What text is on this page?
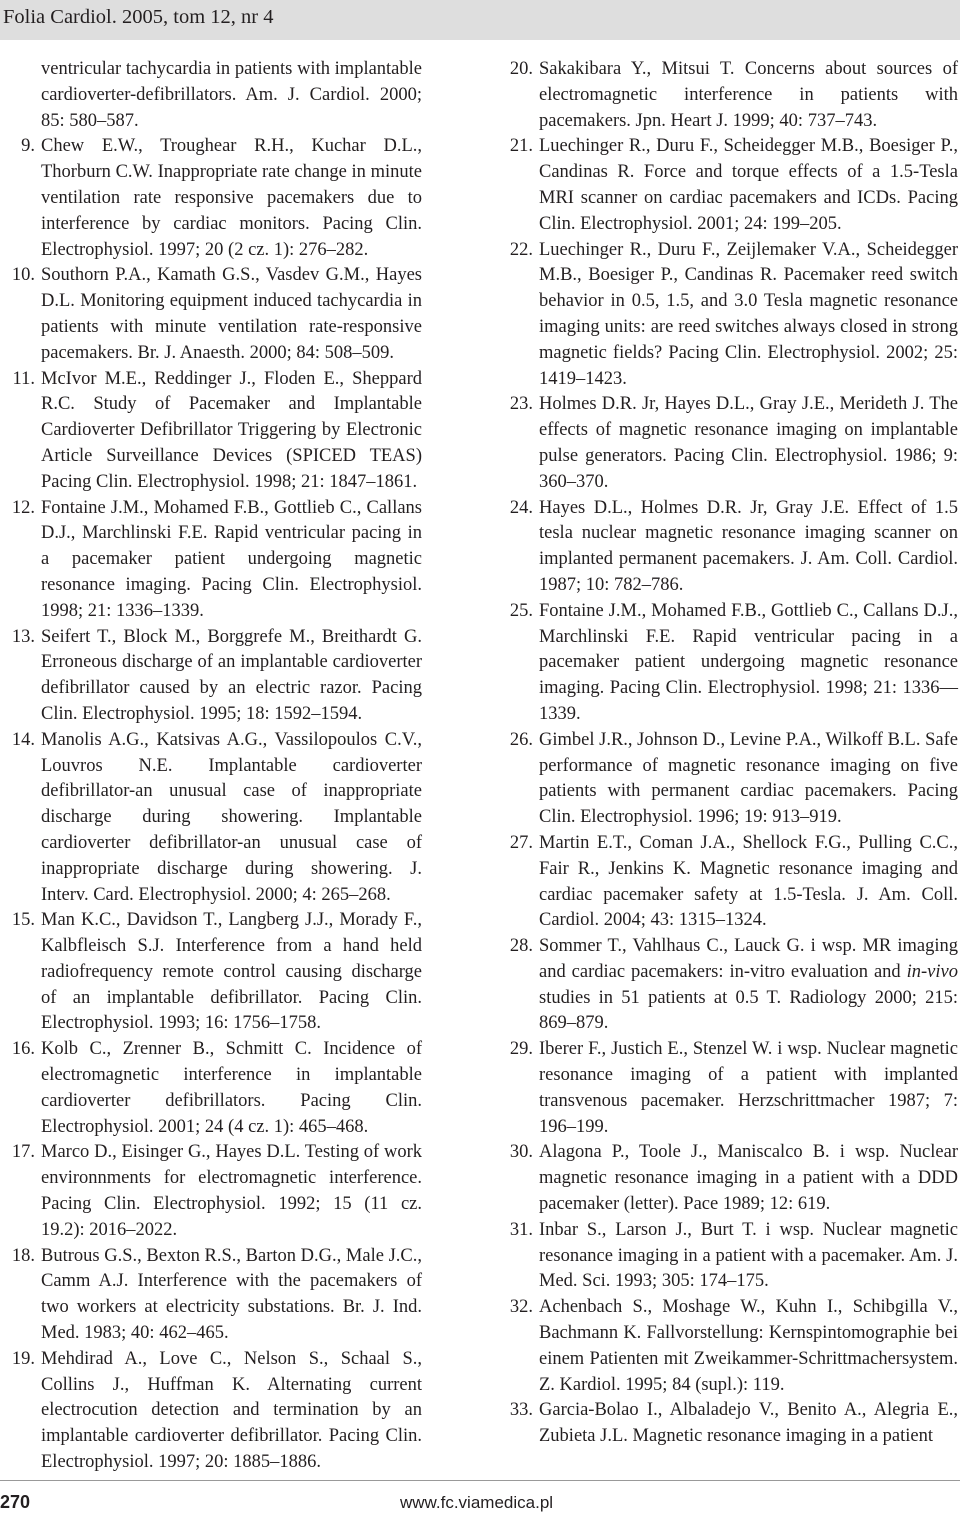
Folia Cardiol. 2005, tom 12, nr 4
ventricular tachycardia in patients with implantable cardioverter-defibrillators. Am. J. Cardiol. 2000; 85: 580–587.
9. Chew E.W., Troughear R.H., Kuchar D.L., Thorburn C.W. Inappropriate rate change in minute ventilation rate responsive pacemakers due to interference by cardiac monitors. Pacing Clin. Electrophysiol. 1997; 20 (2 cz. 1): 276–282.
10. Southorn P.A., Kamath G.S., Vasdev G.M., Hayes D.L. Monitoring equipment induced tachycardia in patients with minute ventilation rate-responsive pacemakers. Br. J. Anaesth. 2000; 84: 508–509.
11. McIvor M.E., Reddinger J., Floden E., Sheppard R.C. Study of Pacemaker and Implantable Cardioverter Defibrillator Triggering by Electronic Article Surveillance Devices (SPICED TEAS) Pacing Clin. Electrophysiol. 1998; 21: 1847–1861.
12. Fontaine J.M., Mohamed F.B., Gottlieb C., Callans D.J., Marchlinski F.E. Rapid ventricular pacing in a pacemaker patient undergoing magnetic resonance imaging. Pacing Clin. Electrophysiol. 1998; 21: 1336–1339.
13. Seifert T., Block M., Borggrefe M., Breithardt G. Erroneous discharge of an implantable cardioverter defibrillator caused by an electric razor. Pacing Clin. Electrophysiol. 1995; 18: 1592–1594.
14. Manolis A.G., Katsivas A.G., Vassilopoulos C.V., Louvros N.E. Implantable cardioverter defibrillator-an unusual case of inappropriate discharge during showering. Implantable cardioverter defibrillator-an unusual case of inappropriate discharge during showering. J. Interv. Card. Electrophysiol. 2000; 4: 265–268.
15. Man K.C., Davidson T., Langberg J.J., Morady F., Kalbfleisch S.J. Interference from a hand held radiofrequency remote control causing discharge of an implantable defibrillator. Pacing Clin. Electrophysiol. 1993; 16: 1756–1758.
16. Kolb C., Zrenner B., Schmitt C. Incidence of electromagnetic interference in implantable cardioverter defibrillators. Pacing Clin. Electrophysiol. 2001; 24 (4 cz. 1): 465–468.
17. Marco D., Eisinger G., Hayes D.L. Testing of work environnments for electromagnetic interference. Pacing Clin. Electrophysiol. 1992; 15 (11 cz. 19.2): 2016–2022.
18. Butrous G.S., Bexton R.S., Barton D.G., Male J.C., Camm A.J. Interference with the pacemakers of two workers at electricity substations. Br. J. Ind. Med. 1983; 40: 462–465.
19. Mehdirad A., Love C., Nelson S., Schaal S., Collins J., Huffman K. Alternating current electrocution detection and termination by an implantable cardioverter defibrillator. Pacing Clin. Electrophysiol. 1997; 20: 1885–1886.
20. Sakakibara Y., Mitsui T. Concerns about sources of electromagnetic interference in patients with pacemakers. Jpn. Heart J. 1999; 40: 737–743.
21. Luechinger R., Duru F., Scheidegger M.B., Boesiger P., Candinas R. Force and torque effects of a 1.5-Tesla MRI scanner on cardiac pacemakers and ICDs. Pacing Clin. Electrophysiol. 2001; 24: 199–205.
22. Luechinger R., Duru F., Zeijlemaker V.A., Scheidegger M.B., Boesiger P., Candinas R. Pacemaker reed switch behavior in 0.5, 1.5, and 3.0 Tesla magnetic resonance imaging units: are reed switches always closed in strong magnetic fields? Pacing Clin. Electrophysiol. 2002; 25: 1419–1423.
23. Holmes D.R. Jr, Hayes D.L., Gray J.E., Merideth J. The effects of magnetic resonance imaging on implantable pulse generators. Pacing Clin. Electrophysiol. 1986; 9: 360–370.
24. Hayes D.L., Holmes D.R. Jr, Gray J.E. Effect of 1.5 tesla nuclear magnetic resonance imaging scanner on implanted permanent pacemakers. J. Am. Coll. Cardiol. 1987; 10: 782–786.
25. Fontaine J.M., Mohamed F.B., Gottlieb C., Callans D.J., Marchlinski F.E. Rapid ventricular pacing in a pacemaker patient undergoing magnetic resonance imaging. Pacing Clin. Electrophysiol. 1998; 21: 1336––1339.
26. Gimbel J.R., Johnson D., Levine P.A., Wilkoff B.L. Safe performance of magnetic resonance imaging on five patients with permanent cardiac pacemakers. Pacing Clin. Electrophysiol. 1996; 19: 913–919.
27. Martin E.T., Coman J.A., Shellock F.G., Pulling C.C., Fair R., Jenkins K. Magnetic resonance imaging and cardiac pacemaker safety at 1.5-Tesla. J. Am. Coll. Cardiol. 2004; 43: 1315–1324.
28. Sommer T., Vahlhaus C., Lauck G. i wsp. MR imaging and cardiac pacemakers: in-vitro evaluation and in-vivo studies in 51 patients at 0.5 T. Radiology 2000; 215: 869–879.
29. Iberer F., Justich E., Stenzel W. i wsp. Nuclear magnetic resonance imaging of a patient with implanted transvenous pacemaker. Herzschrittmacher 1987; 7: 196–199.
30. Alagona P., Toole J., Maniscalco B. i wsp. Nuclear magnetic resonance imaging in a patient with a DDD pacemaker (letter). Pace 1989; 12: 619.
31. Inbar S., Larson J., Burt T. i wsp. Nuclear magnetic resonance imaging in a patient with a pacemaker. Am. J. Med. Sci. 1993; 305: 174–175.
32. Achenbach S., Moshage W., Kuhn I., Schibgilla V., Bachmann K. Fallvorstellung: Kernspintomographie bei einem Patienten mit Zweikammer-Schrittmachersystem. Z. Kardiol. 1995; 84 (supl.): 119.
33. Garcia-Bolao I., Albaladejo V., Benito A., Alegria E., Zubieta J.L. Magnetic resonance imaging in a patient
270	www.fc.viamedica.pl
